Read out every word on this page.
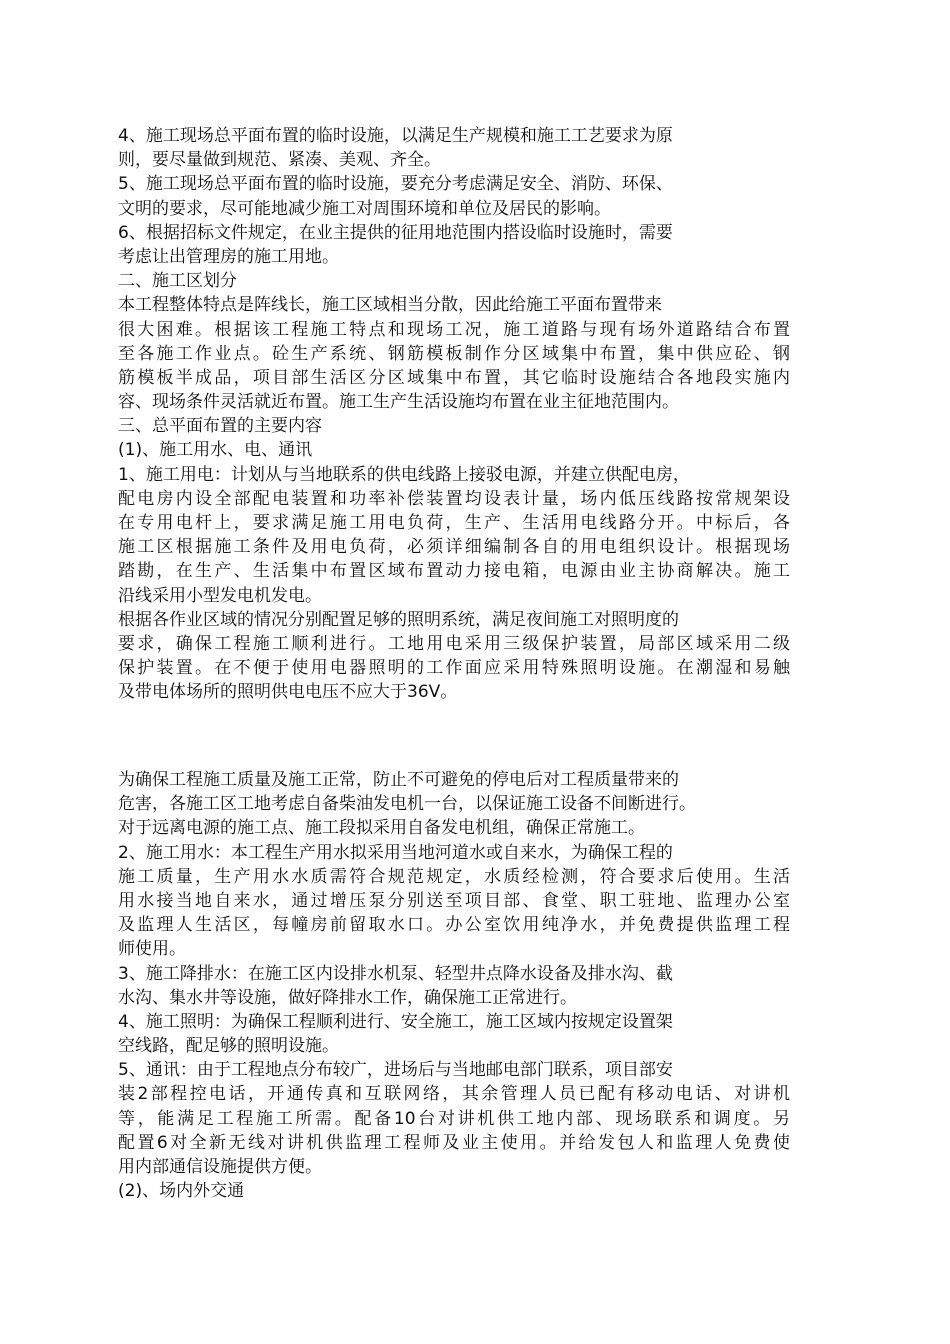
4、施工现场总平面布置的临时设施，以满足生产规模和施工工艺要求为原
则，要尽量做到规范、紧凑、美观、齐全。
5、施工现场总平面布置的临时设施，要充分考虑满足安全、消防、环保、
文明的要求，尽可能地减少施工对周围环境和单位及居民的影响。
6、根据招标文件规定，在业主提供的征用地范围内搭设临时设施时，需要
考虑让出管理房的施工用地。
二、施工区划分
本工程整体特点是阵线长，施工区域相当分散，因此给施工平面布置带来
很大困难。根据该工程施工特点和现场工况，施工道路与现有场外道路结合布置
至各施工作业点。砼生产系统、钢筋模板制作分区域集中布置，集中供应砼、钢
筋模板半成品，项目部生活区分区域集中布置，其它临时设施结合各地段实施内
容、现场条件灵活就近布置。施工生产生活设施均布置在业主征地范围内。
三、总平面布置的主要内容
(1)、施工用水、电、通讯
1、施工用电：计划从与当地联系的供电线路上接驳电源，并建立供配电房，
配电房内设全部配电装置和功率补偿装置均设表计量，场内低压线路按常规架设
在专用电杆上，要求满足施工用电负荷，生产、生活用电线路分开。中标后，各
施工区根据施工条件及用电负荷，必须详细编制各自的用电组织设计。根据现场
踏勘，在生产、生活集中布置区域布置动力接电箱，电源由业主协商解决。施工
沿线采用小型发电机发电。
根据各作业区域的情况分别配置足够的照明系统，满足夜间施工对照明度的
要求，确保工程施工顺利进行。工地用电采用三级保护装置，局部区域采用二级
保护装置。在不便于使用电器照明的工作面应采用特殊照明设施。在潮湿和易触
及带电体场所的照明供电电压不应大于36V。
为确保工程施工质量及施工正常，防止不可避免的停电后对工程质量带来的
危害，各施工区工地考虑自备柴油发电机一台，以保证施工设备不间断进行。
对于远离电源的施工点、施工段拟采用自备发电机组，确保正常施工。
2、施工用水：本工程生产用水拟采用当地河道水或自来水，为确保工程的
施工质量，生产用水水质需符合规范规定，水质经检测，符合要求后使用。生活
用水接当地自来水，通过增压泵分别送至项目部、食堂、职工驻地、监理办公室
及监理人生活区，每幢房前留取水口。办公室饮用纯净水，并免费提供监理工程
师使用。
3、施工降排水：在施工区内设排水机泵、轻型井点降水设备及排水沟、截
水沟、集水井等设施，做好降排水工作，确保施工正常进行。
4、施工照明：为确保工程顺利进行、安全施工，施工区域内按规定设置架
空线路，配足够的照明设施。
5、通讯：由于工程地点分布较广，进场后与当地邮电部门联系，项目部安
装2部程控电话，开通传真和互联网络，其余管理人员已配有移动电话、对讲机
等，能满足工程施工所需。配备10台对讲机供工地内部、现场联系和调度。另
配置6对全新无线对讲机供监理工程师及业主使用。并给发包人和监理人免费使
用内部通信设施提供方便。
(2)、场内外交通
